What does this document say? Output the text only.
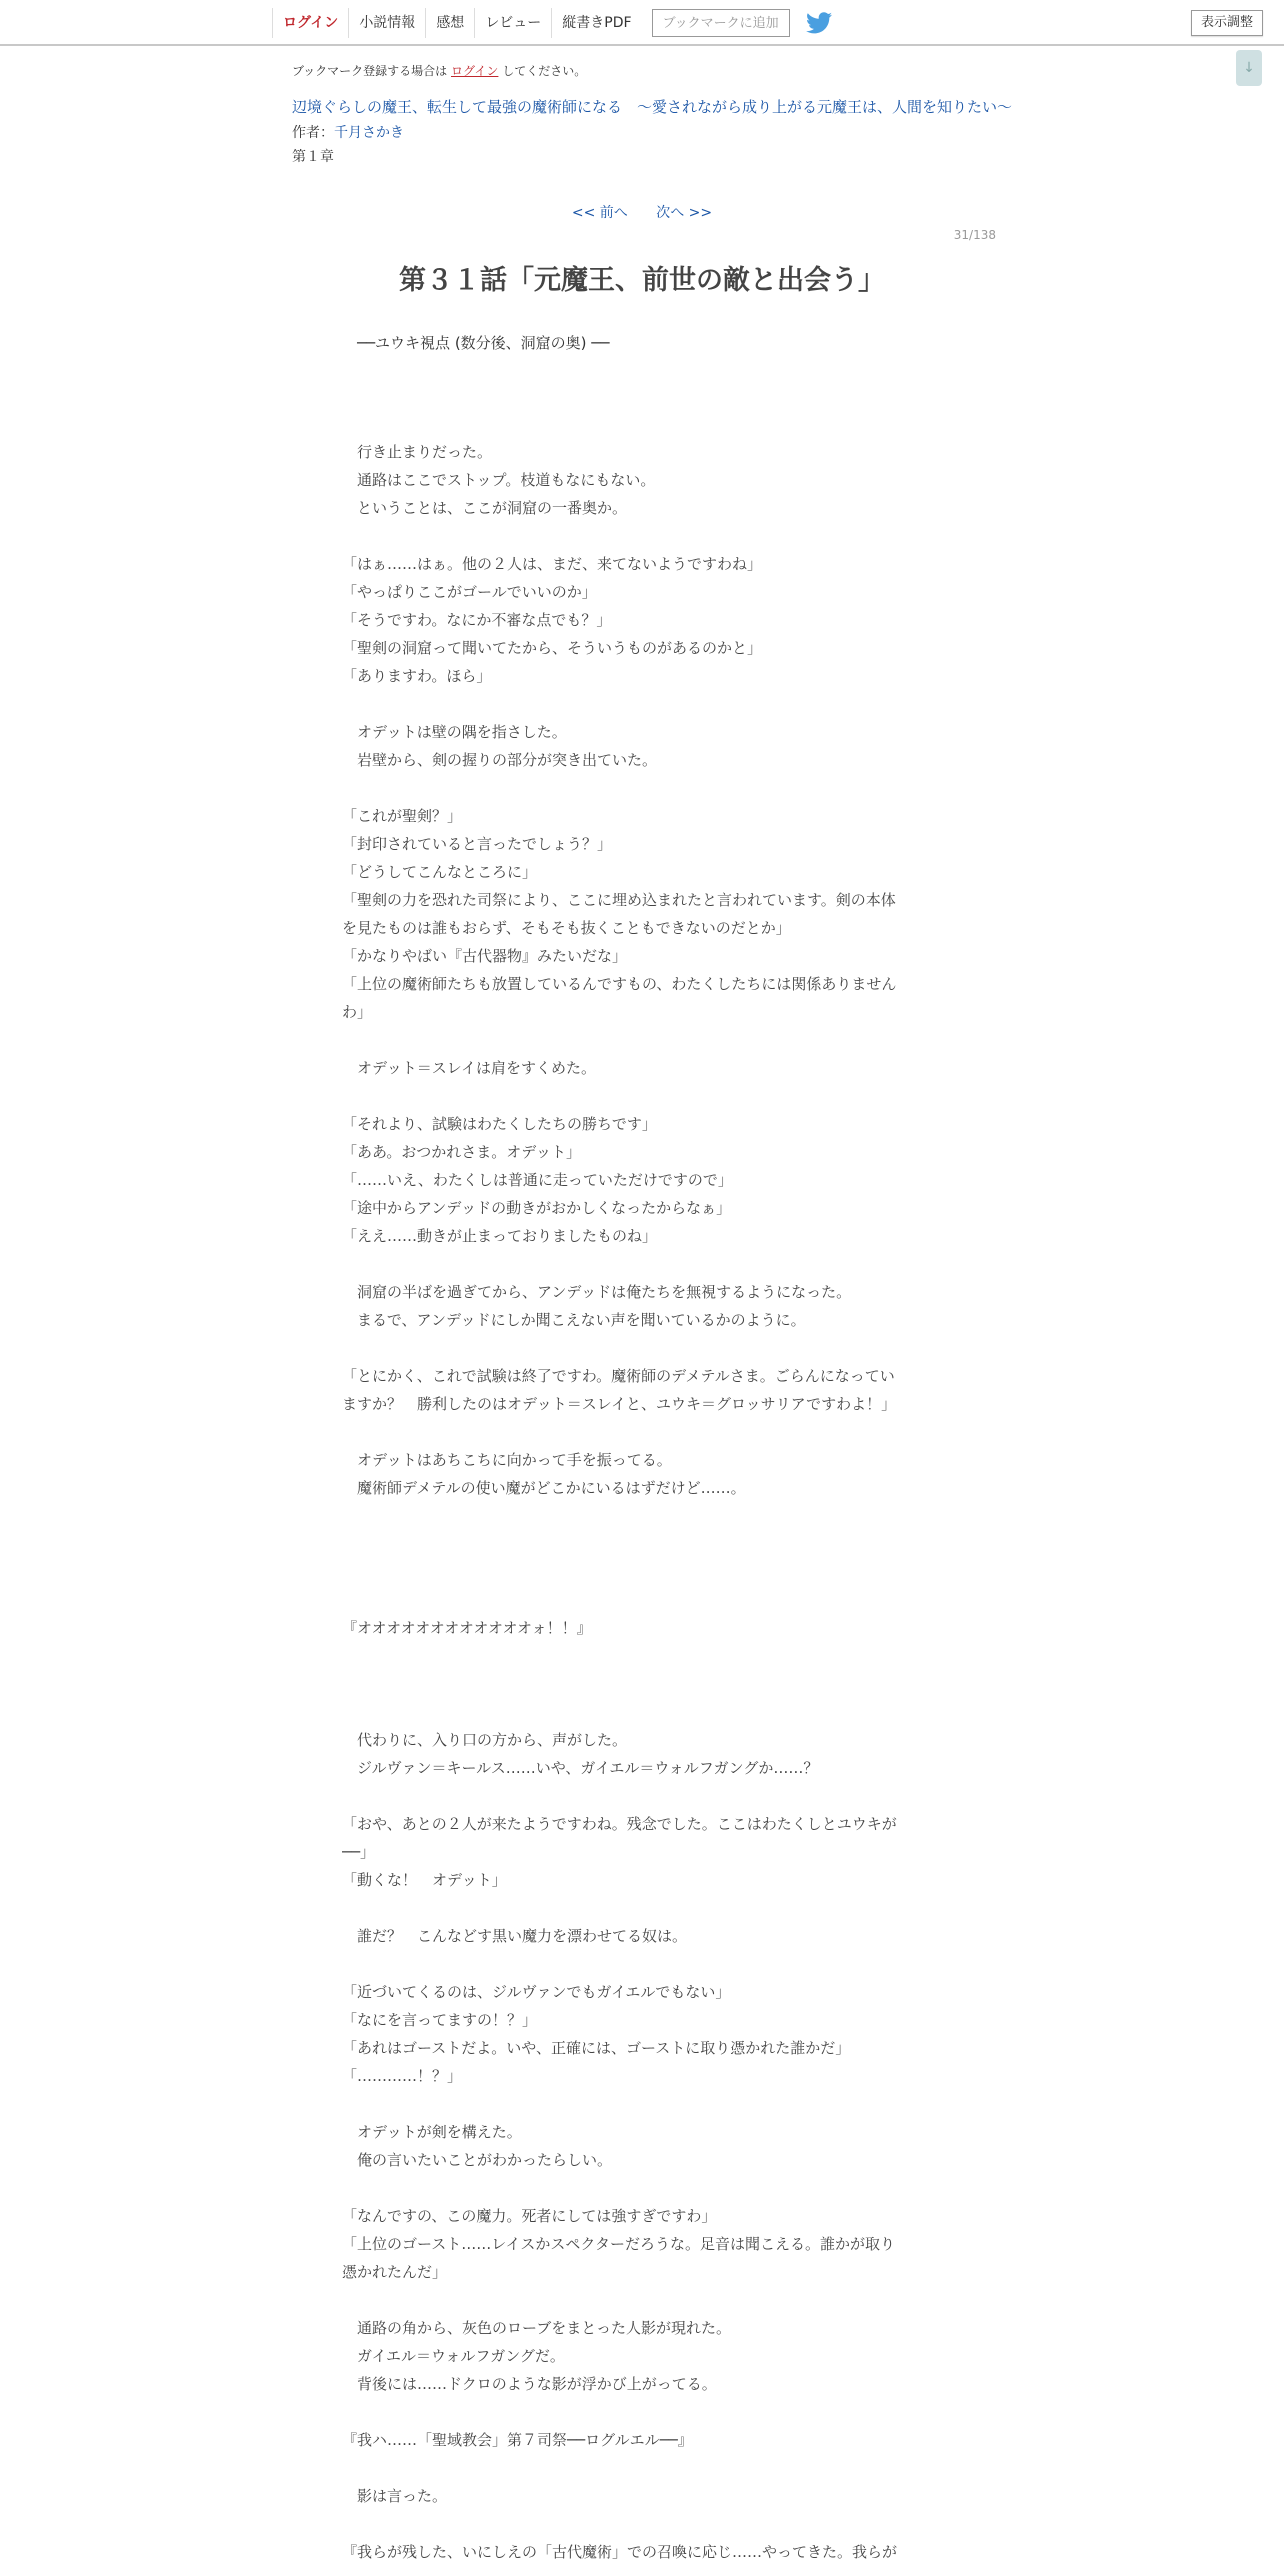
ログイン	小説情報	感想	レビュー	縦書きPDF	ブックマークに追加	表示調整
↓
ブックマーク登録する場合は ログイン してください。
辺境ぐらしの魔王、転生して最強の魔術師になる　〜愛されながら成り上がる元魔王は、人間を知りたい〜
作者：千月さかき
第１章
<< 前へ 次へ >>
31/138
第３１話「元魔王、前世の敵と出会う」
──ユウキ視点 (数分後、洞窟の奥) ──
　行き止まりだった。
　通路はここでストップ。枝道もなにもない。
　ということは、ここが洞窟の一番奥か。
「はぁ……はぁ。他の２人は、まだ、来てないようですわね」
「やっぱりここがゴールでいいのか」
「そうですわ。なにか不審な点でも？」
「聖剣の洞窟って聞いてたから、そういうものがあるのかと」
「ありますわ。ほら」
　オデットは壁の隅を指さした。
　岩壁から、剣の握りの部分が突き出ていた。
「これが聖剣？」
「封印されていると言ったでしょう？」
「どうしてこんなところに」
「聖剣の力を恐れた司祭により、ここに埋め込まれたと言われています。剣の本体
を見たものは誰もおらず、そもそも抜くこともできないのだとか」
「かなりやばい『古代器物』みたいだな」
「上位の魔術師たちも放置しているんですもの、わたくしたちには関係ありません
わ」
　オデット＝スレイは肩をすくめた。
「それより、試験はわたくしたちの勝ちです」
「ああ。おつかれさま。オデット」
「……いえ、わたくしは普通に走っていただけですので」
「途中からアンデッドの動きがおかしくなったからなぁ」
「ええ……動きが止まっておりましたものね」
　洞窟の半ばを過ぎてから、アンデッドは俺たちを無視するようになった。
　まるで、アンデッドにしか聞こえない声を聞いているかのように。
「とにかく、これで試験は終了ですわ。魔術師のデメテルさま。ごらんになってい
ますか？　勝利したのはオデット＝スレイと、ユウキ＝グロッサリアですわよ！」
　オデットはあちこちに向かって手を振ってる。
　魔術師デメテルの使い魔がどこかにいるはずだけど……。
『オオオオオオオオオオオオォ！！』
　代わりに、入り口の方から、声がした。
　ジルヴァン＝キールス……いや、ガイエル＝ウォルフガングか……？
「おや、あとの２人が来たようですわね。残念でした。ここはわたくしとユウキが
──」
「動くな！　オデット」
　誰だ？　こんなどす黒い魔力を漂わせてる奴は。
「近づいてくるのは、ジルヴァンでもガイエルでもない」
「なにを言ってますの！？」
「あれはゴーストだよ。いや、正確には、ゴーストに取り憑かれた誰かだ」
「…………！？」
　オデットが剣を構えた。
　俺の言いたいことがわかったらしい。
「なんですの、この魔力。死者にしては強すぎですわ」
「上位のゴースト……レイスかスペクターだろうな。足音は聞こえる。誰かが取り
憑かれたんだ」
　通路の角から、灰色のローブをまとった人影が現れた。
　ガイエル＝ウォルフガングだ。
　背後には……ドクロのような影が浮かび上がってる。
『我ハ……「聖域教会」第７司祭──ログルエル──』
　影は言った。
『我らが残した、いにしえの「古代魔術」での召喚に応じ……やってきた。我らが
